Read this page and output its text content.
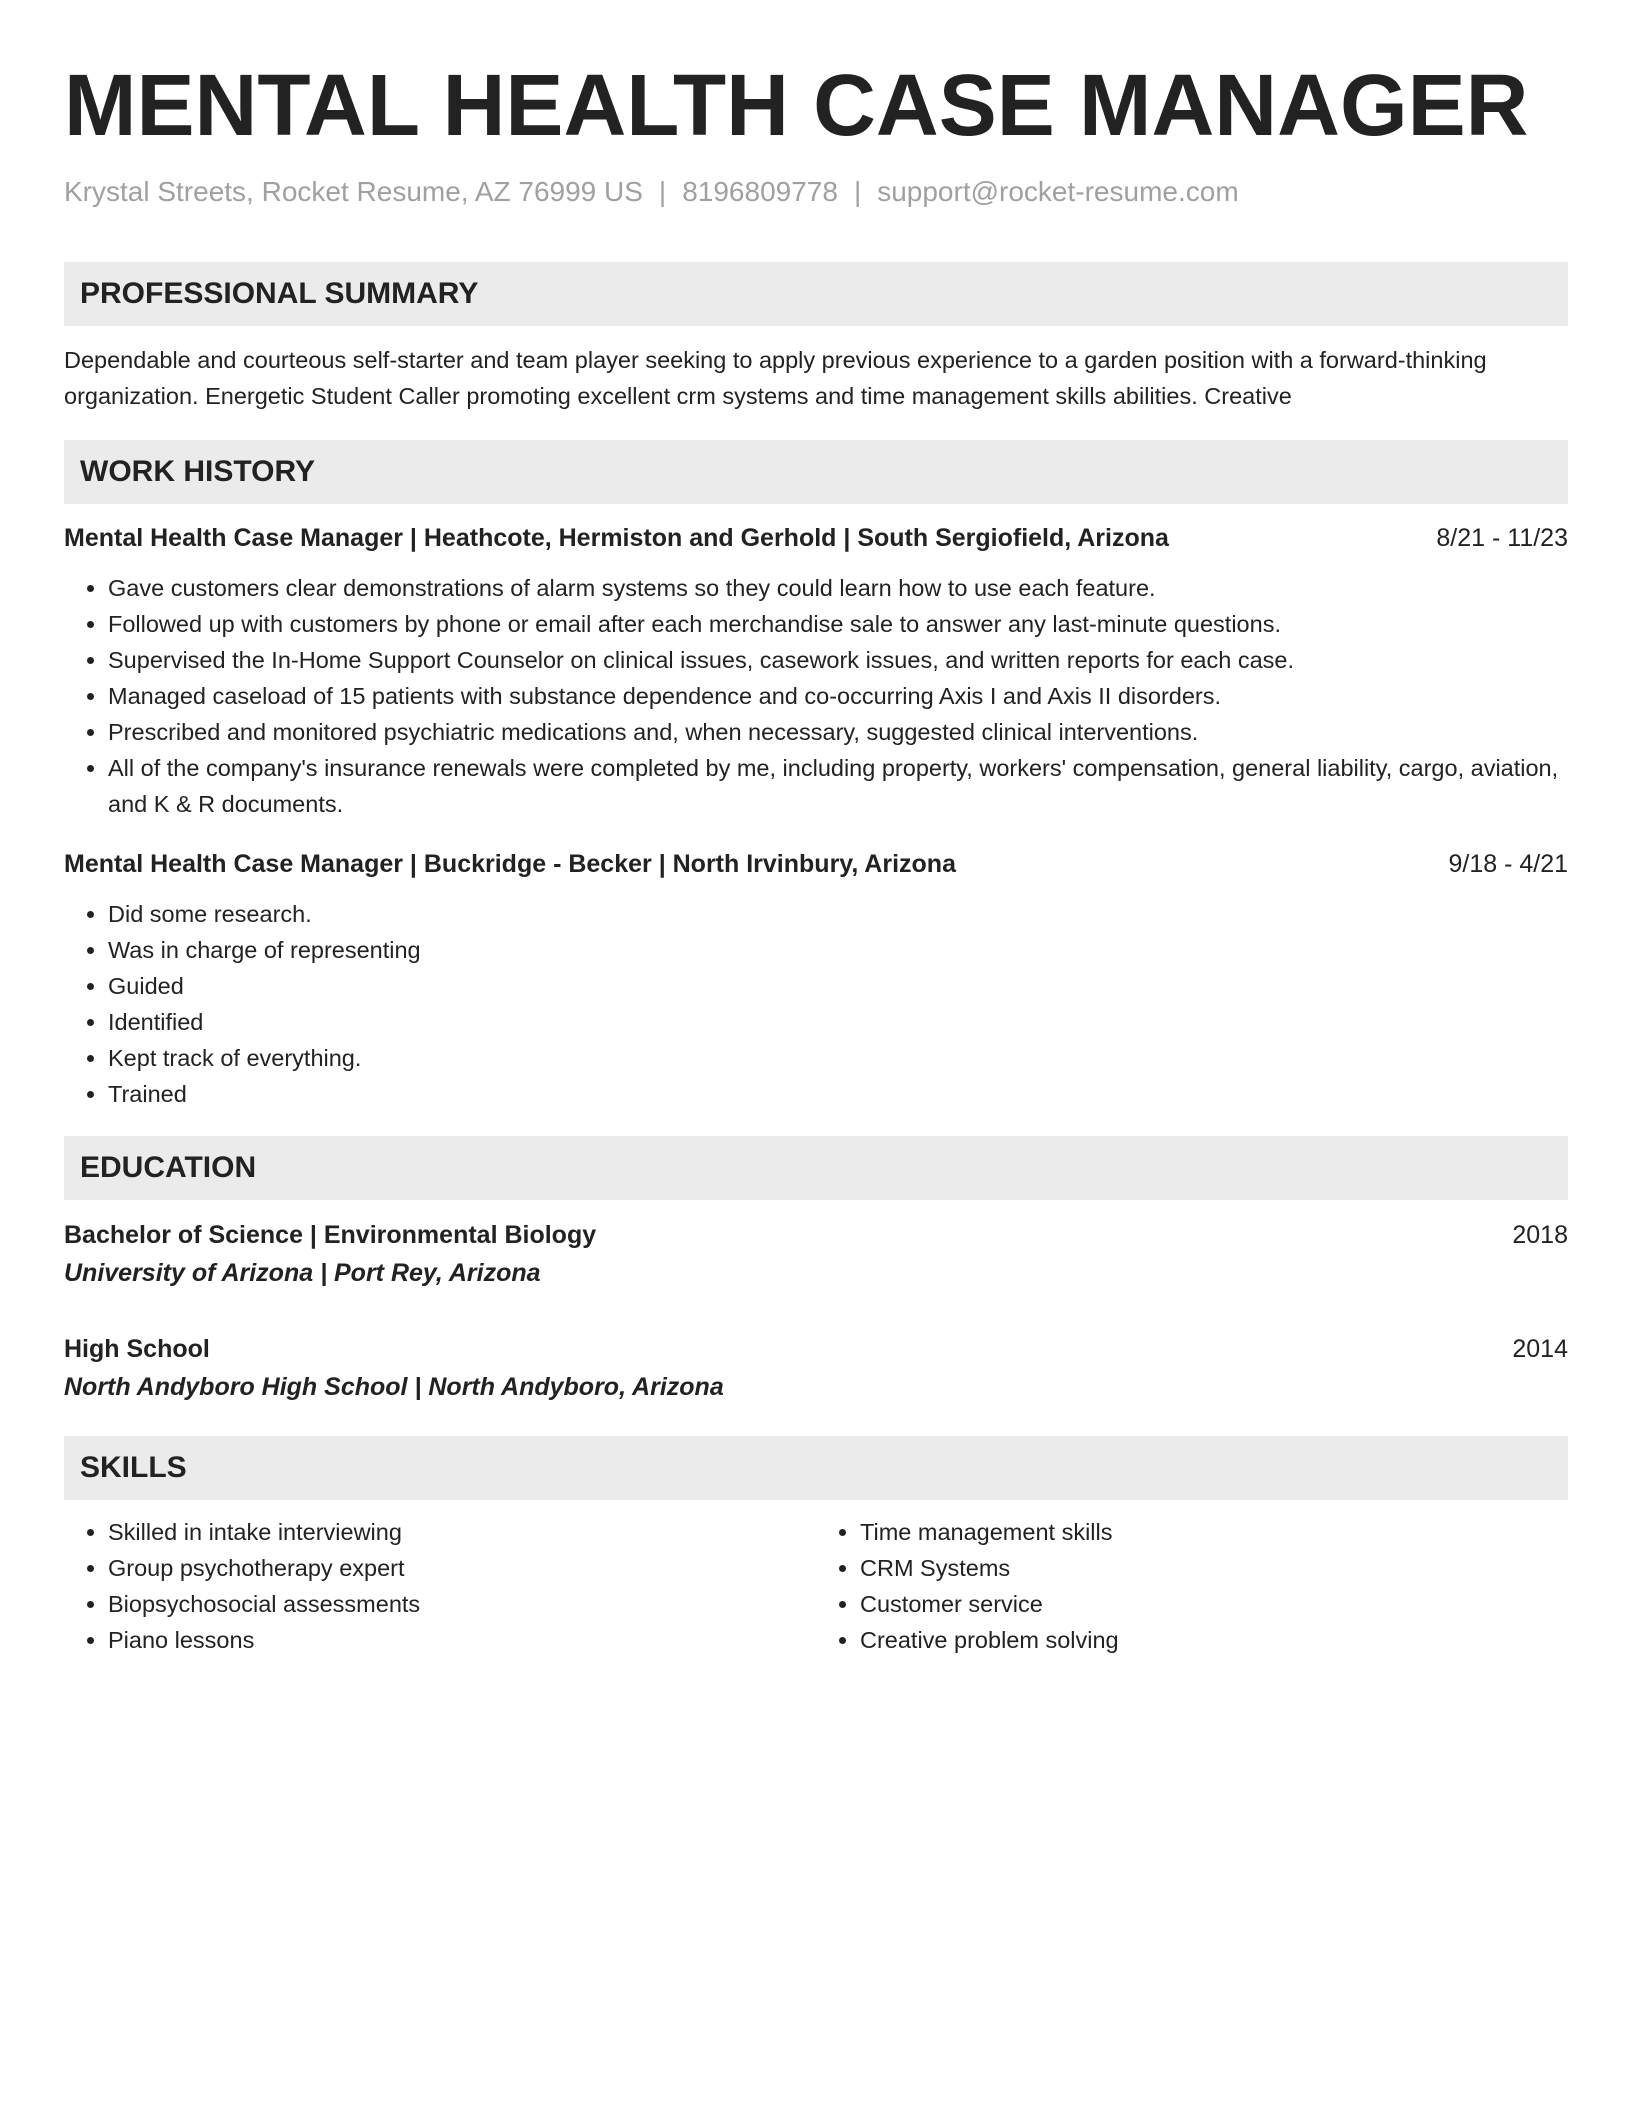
MENTAL HEALTH CASE MANAGER
Krystal Streets, Rocket Resume, AZ 76999 US | 8196809778 | support@rocket-resume.com
PROFESSIONAL SUMMARY
Dependable and courteous self-starter and team player seeking to apply previous experience to a garden position with a forward-thinking organization. Energetic Student Caller promoting excellent crm systems and time management skills abilities. Creative
WORK HISTORY
Mental Health Case Manager | Heathcote, Hermiston and Gerhold | South Sergiofield, Arizona	8/21 - 11/23
• Gave customers clear demonstrations of alarm systems so they could learn how to use each feature.
• Followed up with customers by phone or email after each merchandise sale to answer any last-minute questions.
• Supervised the In-Home Support Counselor on clinical issues, casework issues, and written reports for each case.
• Managed caseload of 15 patients with substance dependence and co-occurring Axis I and Axis II disorders.
• Prescribed and monitored psychiatric medications and, when necessary, suggested clinical interventions.
• All of the company's insurance renewals were completed by me, including property, workers' compensation, general liability, cargo, aviation, and K & R documents.
Mental Health Case Manager | Buckridge - Becker | North Irvinbury, Arizona	9/18 - 4/21
• Did some research.
• Was in charge of representing
• Guided
• Identified
• Kept track of everything.
• Trained
EDUCATION
Bachelor of Science | Environmental Biology	2018
University of Arizona | Port Rey, Arizona
High School	2014
North Andyboro High School | North Andyboro, Arizona
SKILLS
• Skilled in intake interviewing
• Group psychotherapy expert
• Biopsychosocial assessments
• Piano lessons
• Time management skills
• CRM Systems
• Customer service
• Creative problem solving
